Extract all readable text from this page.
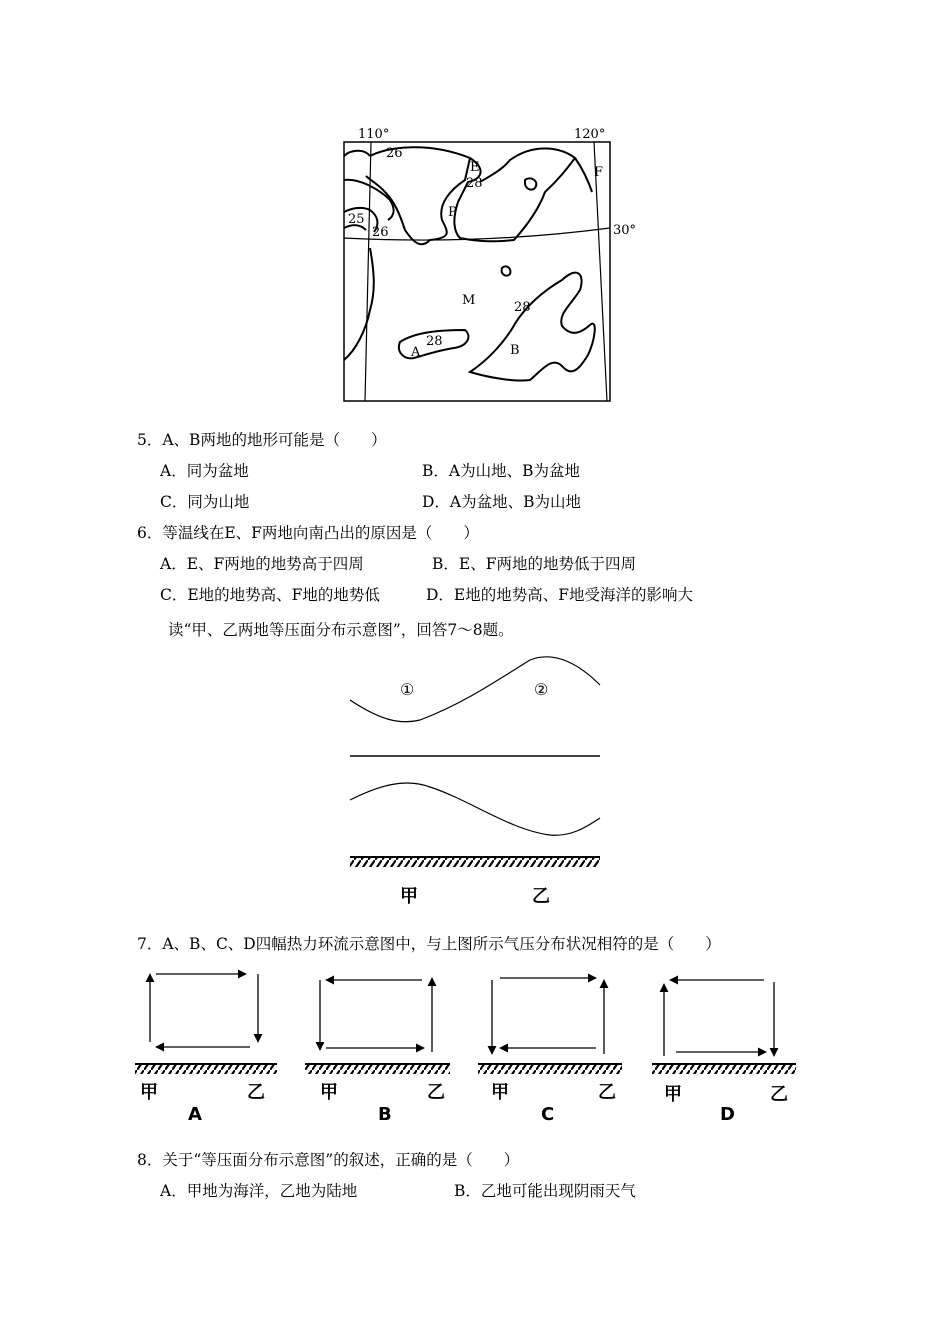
110°	120°
30°
26
E
28
F
P
25
26
M	28
28
A	B
5．A、B两地的地形可能是（　　）
A．同为盆地	B．A为山地、B为盆地
C．同为山地	D．A为盆地、B为山地
6．等温线在E、F两地向南凸出的原因是（　　）
A．E、F两地的地势高于四周	B．E、F两地的地势低于四周
C．E地的地势高、F地的地势低	D．E地的地势高、F地受海洋的影响大
读“甲、乙两地等压面分布示意图”，回答7～8题。
①	②
甲	乙
7．A、B、C、D四幅热力环流示意图中，与上图所示气压分布状况相符的是（　　）
甲	乙
A
甲	乙
B
甲	乙
C
甲	乙
D
8．关于“等压面分布示意图”的叙述，正确的是（　　）
A．甲地为海洋，乙地为陆地	B．乙地可能出现阴雨天气
